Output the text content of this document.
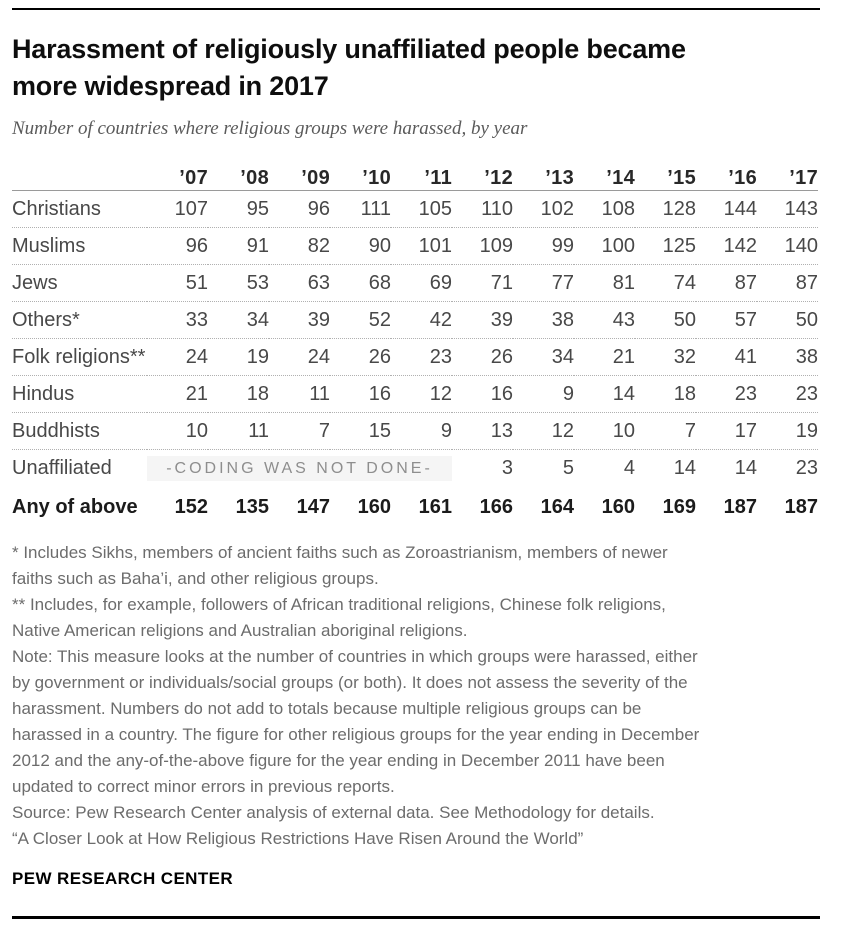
Harassment of religiously unaffiliated people became
more widespread in 2017

Number of countries where religious groups were harassed, by year

	’07	’08	’09	’10	’11	’12	’13	’14	’15	’16	’17
Christians	107	95	96	111	105	110	102	108	128	144	143
Muslims	96	91	82	90	101	109	99	100	125	142	140
Jews	51	53	63	68	69	71	77	81	74	87	87
Others*	33	34	39	52	42	39	38	43	50	57	50
Folk religions**	24	19	24	26	23	26	34	21	32	41	38
Hindus	21	18	11	16	12	16	9	14	18	23	23
Buddhists	10	11	7	15	9	13	12	10	7	17	19
Unaffiliated	-CODING WAS NOT DONE-					3	5	4	14	14	23
Any of above	152	135	147	160	161	166	164	160	169	187	187
* Includes Sikhs, members of ancient faiths such as Zoroastrianism, members of newer
faiths such as Baha’i, and other religious groups.
** Includes, for example, followers of African traditional religions, Chinese folk religions,
Native American religions and Australian aboriginal religions.
Note: This measure looks at the number of countries in which groups were harassed, either
by government or individuals/social groups (or both). It does not assess the severity of the
harassment. Numbers do not add to totals because multiple religious groups can be
harassed in a country. The figure for other religious groups for the year ending in December
2012 and the any-of-the-above figure for the year ending in December 2011 have been
updated to correct minor errors in previous reports.
Source: Pew Research Center analysis of external data. See Methodology for details.
“A Closer Look at How Religious Restrictions Have Risen Around the World”
PEW RESEARCH CENTER
